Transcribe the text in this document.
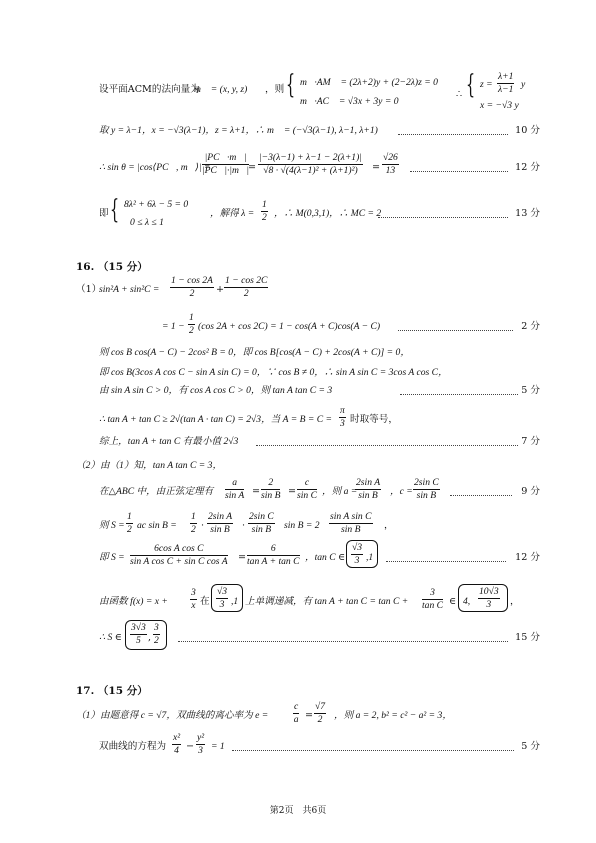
设平面ACM的法向量为
m⃗ = (x, y, z) ，则 { m⃗·AM⃗ = (2λ+2)y + (2−2λ)z = 0
m⃗·AC⃗ = √3x + 3y = 0
∴ { $z = \frac{\lambda+1}{\lambda-1}$ y
x = −√3 y
取 y = λ−1，x = −√3(λ−1)，z = λ+1，∴ m⃗ = (−√3(λ−1), λ−1, λ+1)	10 分
∴ sin θ = |cos⟨PC⃗, m⃗⟩| =
$\frac{|PC⃗\cdot m⃗|}{|PC⃗|\cdot|m⃗|}$
= $\frac{|-3(\lambda-1) + \lambda-1 - 2(\lambda+1)|}{\text{√8 · √(4(λ−1)² + (λ+1)²)}} = \frac{√26}{13}$	12 分
即 { 8λ² + 6λ − 5 = 0
0 ≤ λ ≤ 1
，解得 $\lambda = \frac{1}{2}$ ，∴ M(0,3,1)，∴ MC = 2	13 分
16. （15 分）
（1）
$\sin^2A + \sin^2C = \frac{1 - \cos 2A}{2} + \frac{1 - \cos 2C}{2}$
= $1 - \frac{1}{2} (\cos$ 2A + cos 2C) = 1 − cos(A + C)cos(A − C)	2 分
则 cos B cos(A − C) − 2cos² B = 0，即 cos B[cos(A − C) + 2cos(A + C)] = 0，
即 cos B(3cos A cos C − sin A sin C) = 0，∵ cos B ≠ 0，∴ sin A sin C = 3cos A cos C，
由 sin A sin C > 0，有 cos A cos C > 0，则 tan A tan C = 3	5 分
∴ tan A + tan C ≥ 2√(tan A · tan C) = 2√3，当 $A = B = C = \frac{\pi}{3}$ 时取等号，
综上，tan A + tan C 有最小值 2√3	7 分
（2）由（1）知，tan A tan C = 3，
在△ABC 中，由正弦定理有 $\frac{a}{\text{sin A}} = \frac{2}{\text{sin B}} = \frac{c}{\text{sin C}}$ ，则 a =
$\frac{\text{2sin A}}{\text{sin B}}$ ，$c = \frac{\text{2sin C}}{\text{sin B}}$	9 分
则 $S = \frac{1}{2}$ ac $\sin B = \frac{1}{2} \cdot \frac{\text{2sin A}}{\text{sin B}} \cdot \frac{\text{2sin C}}{\text{sin B}}$ $\sin B = 2 \frac{\text{sin A sin C}}{\text{sin B}}$ ，
即 $S = \frac{\text{6cos A cos C}}{\text{sin A cos C + sin C cos A}} = \frac{6}{\text{tan A + tan C}}$ ，tan C ∈ $\frac{√3}{3} ,1$	12 分
由函数 $f(x) = x + \frac{3}{x}$ 在 $\frac{√3}{3} ,1$ 上单调递减，有 $\tan A + \tan C = \tan C + \frac{3}{\text{tan C}}$ ∈ 4, $\frac{10√3}{3}$ ，
∴ S ∈ $\frac{3√3}{5}$ , $\frac{3}{2}$	15 分
17. （15 分）
（1）由题意得 c = √7，双曲线的离心率为 e =	$\frac{c}{a} = \frac{√7}{2}$ ，则 a = 2, b² = c² − a² = 3，
双曲线的方程为 $\frac{\text{x²}}{4} - \frac{\text{y²}}{3} = 1$	5 分
第2页　共6页
